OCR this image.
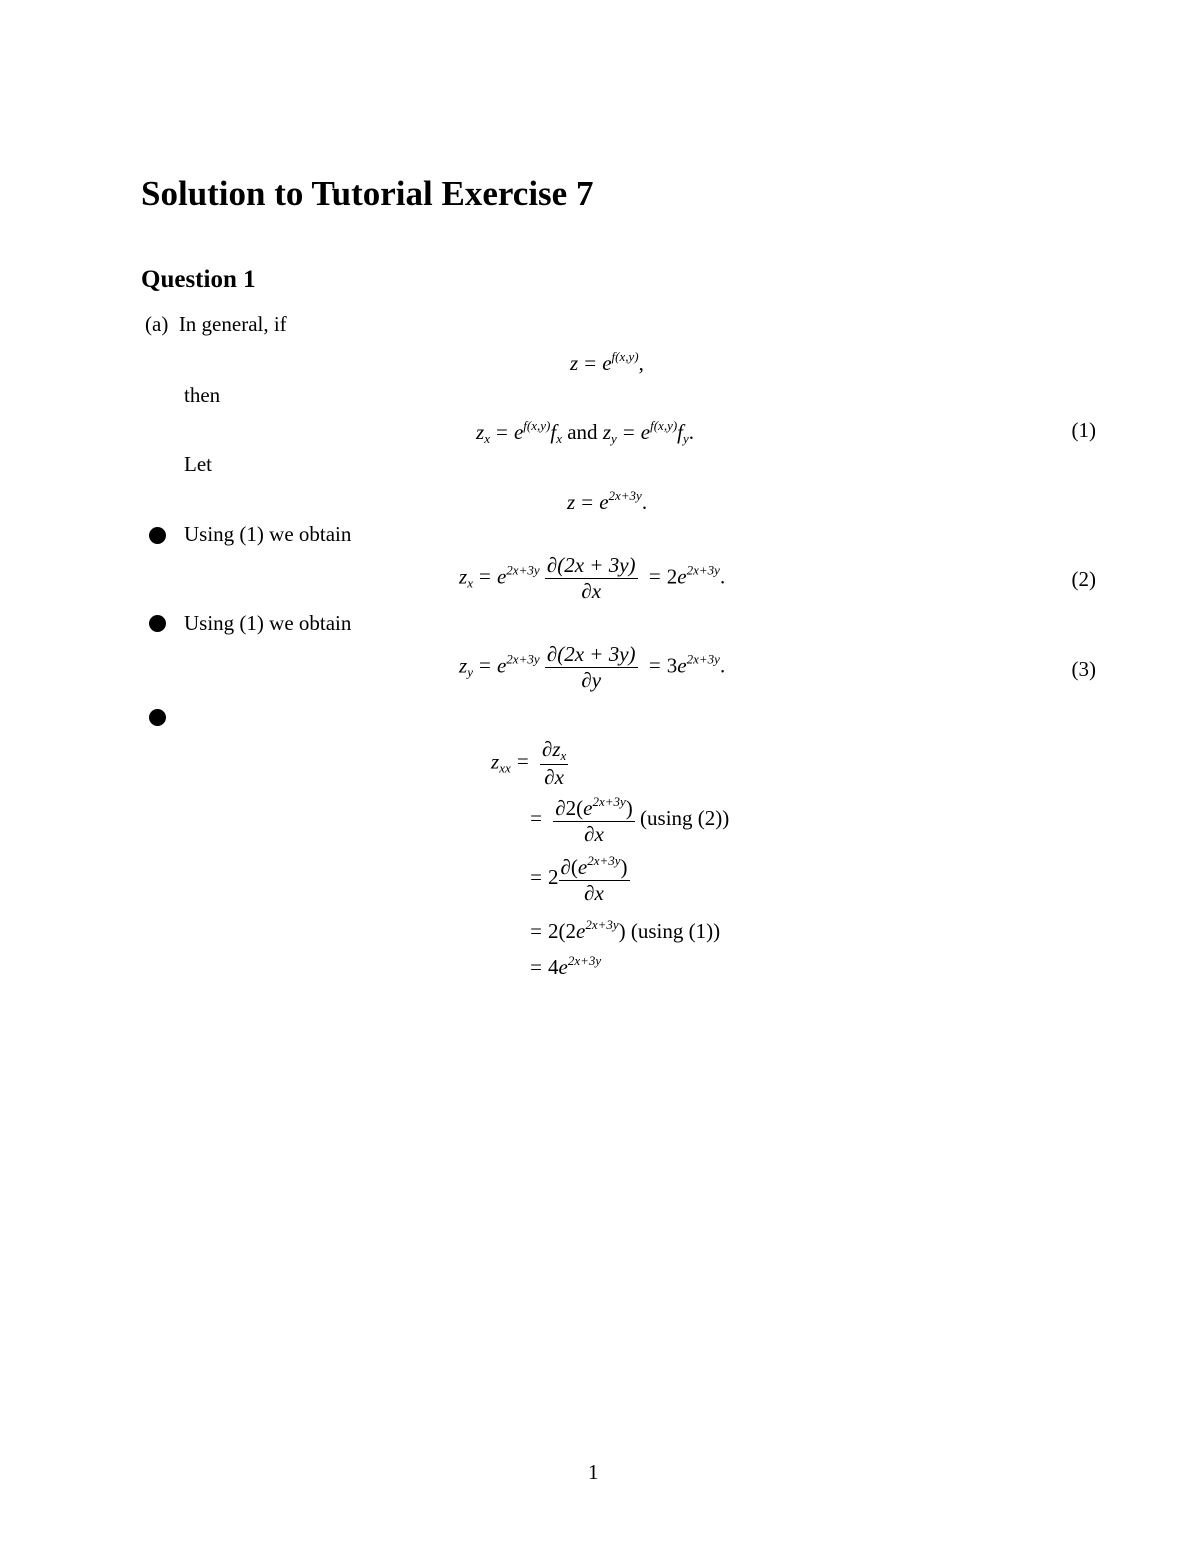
Solution to Tutorial Exercise 7
Question 1
(a) In general, if
$z = e^{f(x,y)}$,
then
$z_x = e^{f(x,y)}f_x$ and $z_y = e^{f(x,y)}f_y$.	(1)
Let
$z = e^{2x+3y}$.
Using (1) we obtain
$z_x = e^{2x+3y} \frac{\partial(2x + 3y)}{\partial x} = 2e^{2x+3y}$.	(2)
Using (1) we obtain
$z_y = e^{2x+3y} \frac{\partial(2x + 3y)}{\partial y} = 3e^{2x+3y}$.	(3)
$z_{xx} = \frac{\partial z_x}{\partial x}$
= $\frac{\partial 2(e^{2x+3y})}{\partial x} (using$ (2))
= $2 \frac{\partial(e^{2x+3y})}{\partial x}$
= $2(2e^{2x+3y})$ (using (1))
= $4e^{2x+3y}$
1
